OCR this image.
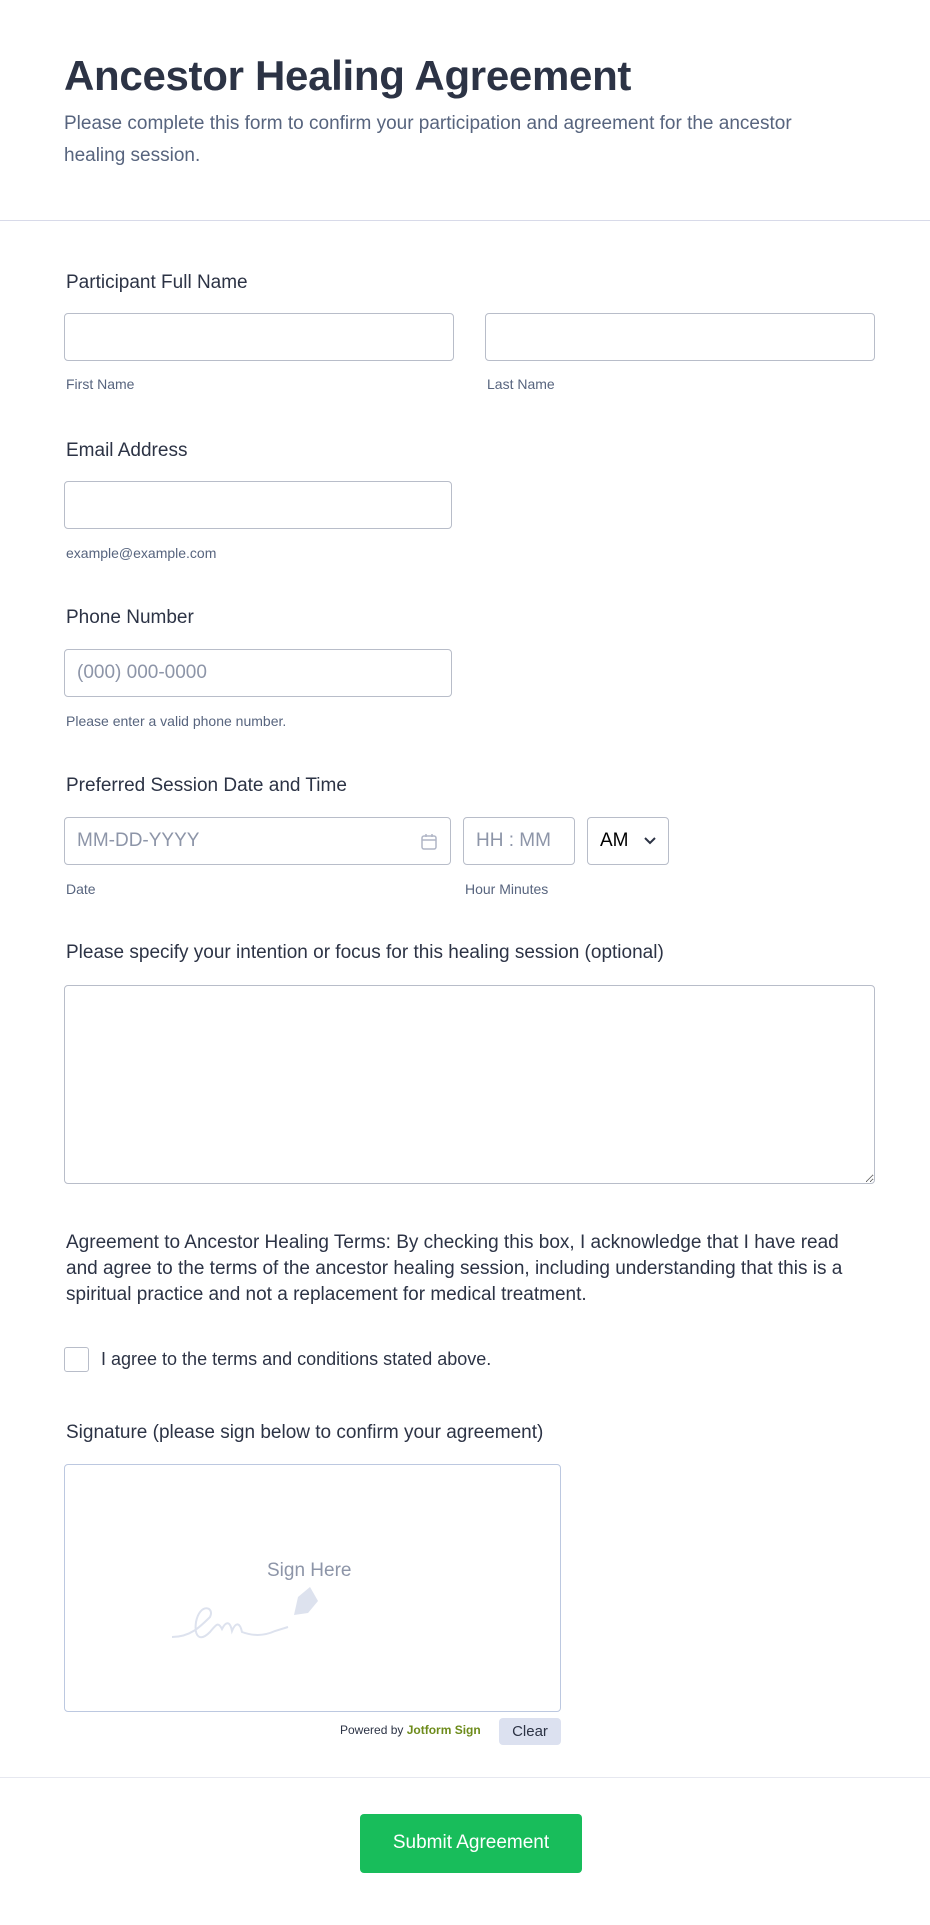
Ancestor Healing Agreement
Please complete this form to confirm your participation and agreement for the ancestor healing session.
Participant Full Name
First Name	Last Name
Email Address
example@example.com
Phone Number
(000) 000-0000
Please enter a valid phone number.
Preferred Session Date and Time
MM-DD-YYYY	HH : MM	AM
Date	Hour Minutes
Please specify your intention or focus for this healing session (optional)
Agreement to Ancestor Healing Terms: By checking this box, I acknowledge that I have read and agree to the terms of the ancestor healing session, including understanding that this is a spiritual practice and not a replacement for medical treatment.
I agree to the terms and conditions stated above.
Signature (please sign below to confirm your agreement)
Sign Here
Powered by Jotform Sign	Clear
Submit Agreement
